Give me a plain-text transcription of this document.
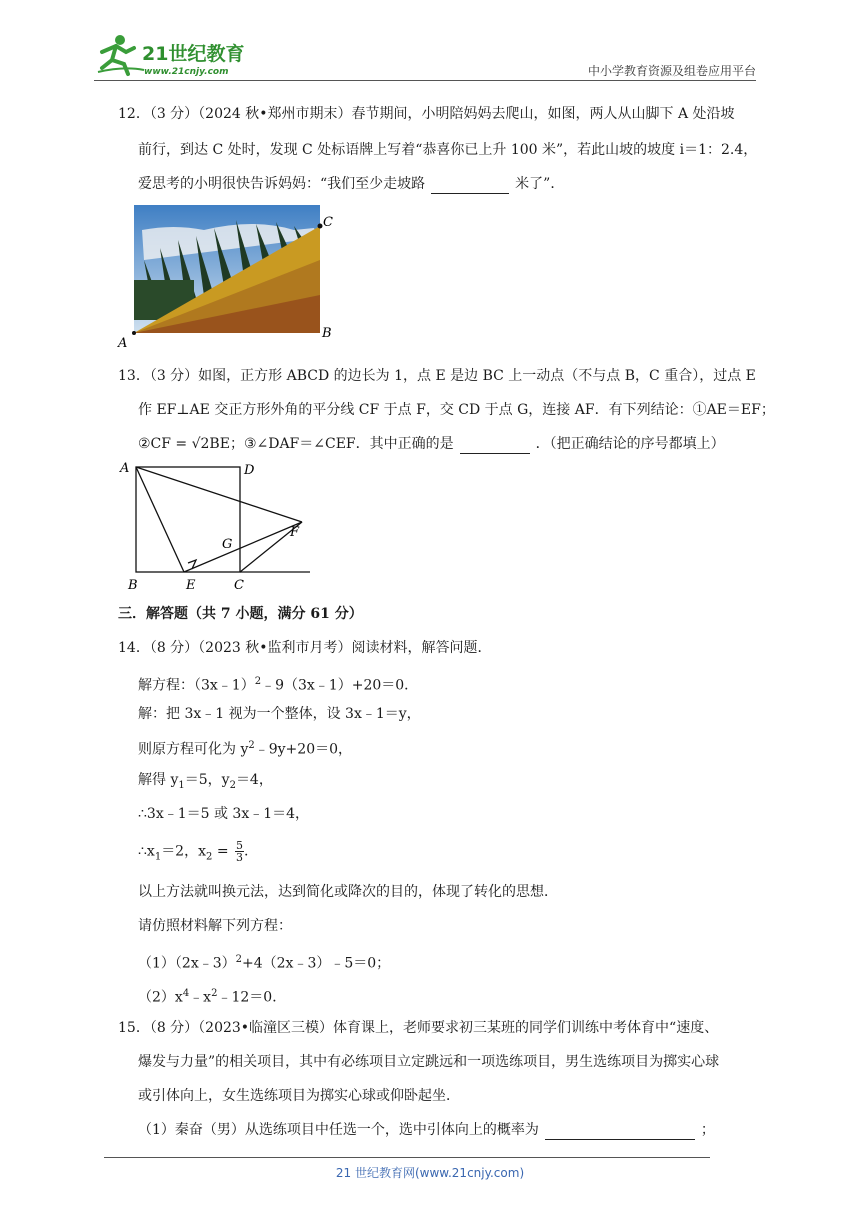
21世纪教育
www.21cnjy.com	中小学教育资源及组卷应用平台
12．（3 分）（2024 秋•郑州市期末）春节期间，小明陪妈妈去爬山，如图，两人从山脚下 A 处沿坡
前行，到达 C 处时，发现 C 处标语牌上写着“恭喜你已上升 100 米”，若此山坡的坡度 i＝1：2.4，
爱思考的小明很快告诉妈妈：“我们至少走坡路	米了”．
C
A
B
13．（3 分）如图，正方形 ABCD 的边长为 1，点 E 是边 BC 上一动点（不与点 B，C 重合），过点 E
作 EF⊥AE 交正方形外角的平分线 CF 于点 F，交 CD 于点 G，连接 AF．有下列结论：①AE＝EF；
②CF = √2BE；③∠DAF＝∠CEF．其中正确的是	．（把正确结论的序号都填上）
A	D
B	E	C
G
F
三．解答题（共 7 小题，满分 61 分）
14．（8 分）（2023 秋•监利市月考）阅读材料，解答问题．
解方程：（3x﹣1）$^2$﹣9（3x﹣1）+20＝0．
解：把 3x﹣1 视为一个整体，设 3x﹣1＝y，
则原方程可化为 $y^2﹣9y+20=0$，
解得 $y_1=5$，$y_2=4$，
∴3x﹣1＝5 或 3x﹣1＝4，
$\therefore x_1=2$，$x_2 = \frac{5}{3}$ .
以上方法就叫换元法，达到简化或降次的目的，体现了转化的思想．
请仿照材料解下列方程：
（1）（2x﹣3）$^2$+4（2x﹣3）﹣5＝0；
$(2)x^4﹣x^2﹣12=0$．
15．（8 分）（2023•临潼区三模）体育课上，老师要求初三某班的同学们训练中考体育中“速度、
爆发与力量”的相关项目，其中有必练项目立定跳远和一项选练项目，男生选练项目为掷实心球
或引体向上，女生选练项目为掷实心球或仰卧起坐．
（1）秦奋（男）从选练项目中任选一个，选中引体向上的概率为	；
21 世纪教育网(www.21cnjy.com)
